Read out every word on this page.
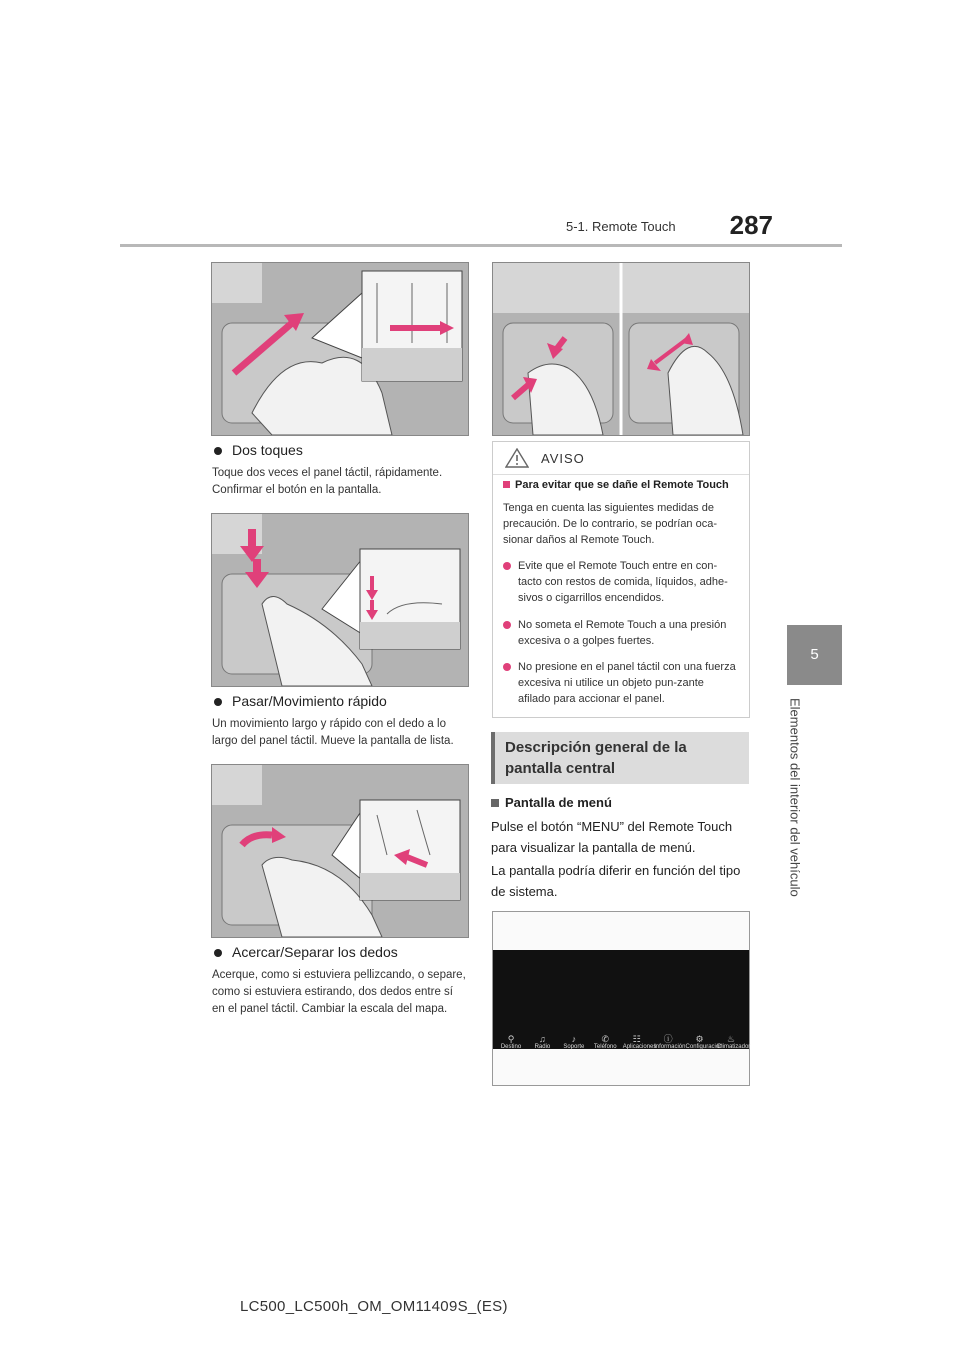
5-1. Remote Touch 287
5
Elementos del interior del vehículo
Dos toques
Toque dos veces el panel táctil, rápidamente. Confirmar el botón en la pantalla.
Pasar/Movimiento rápido
Un movimiento largo y rápido con el dedo a lo largo del panel táctil. Mueve la pantalla de lista.
Acercar/Separar los dedos
Acerque, como si estuviera pellizcando, o separe, como si estuviera estirando, dos dedos entre sí en el panel táctil. Cambiar la escala del mapa.
AVISO
Para evitar que se dañe el Remote Touch
Tenga en cuenta las siguientes medidas de precaución. De lo contrario, se podrían oca-sionar daños al Remote Touch.
Evite que el Remote Touch entre en con-tacto con restos de comida, líquidos, adhe-sivos o cigarrillos encendidos.
No someta el Remote Touch a una presión excesiva o a golpes fuertes.
No presione en el panel táctil con una fuerza excesiva ni utilice un objeto pun-zante afilado para accionar el panel.
Descripción general de la pantalla central
Pantalla de menú
Pulse el botón “MENU” del Remote Touch para visualizar la pantalla de menú.
La pantalla podría diferir en función del tipo de sistema.
⚲
Destino
♫
Radio
♪
Soporte
✆
Teléfono
☷
Aplicaciones
ⓘ
Información
⚙
Configuración
♨
Climatizador
LC500_LC500h_OM_OM11409S_(ES)
